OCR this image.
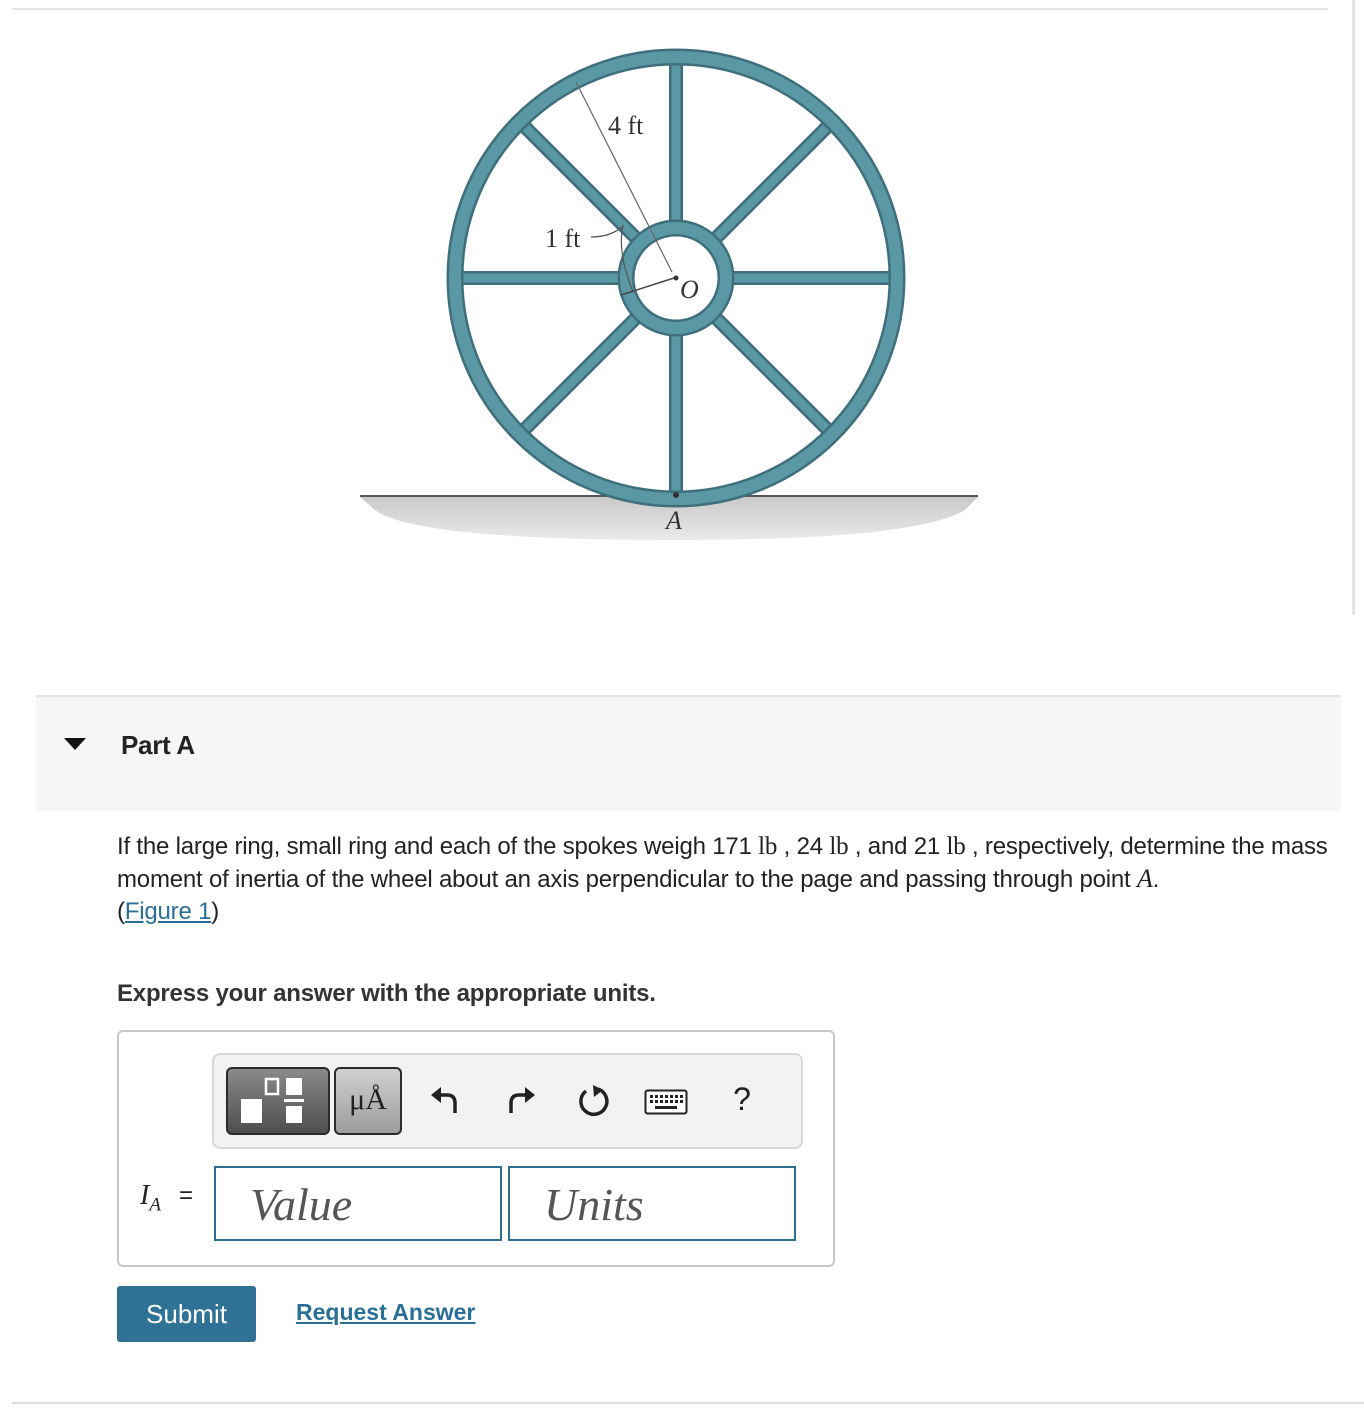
4 ft
1 ft
O
A
Part A
If the large ring, small ring and each of the spokes weigh 171 lb , 24 lb , and 21 lb , respectively, determine the mass moment of inertia of the wheel about an axis perpendicular to the page and passing through point A.
(Figure 1)
Express your answer with the appropriate units.
μÅ	?
$I_A$ = Value	Units
Submit	Request Answer
